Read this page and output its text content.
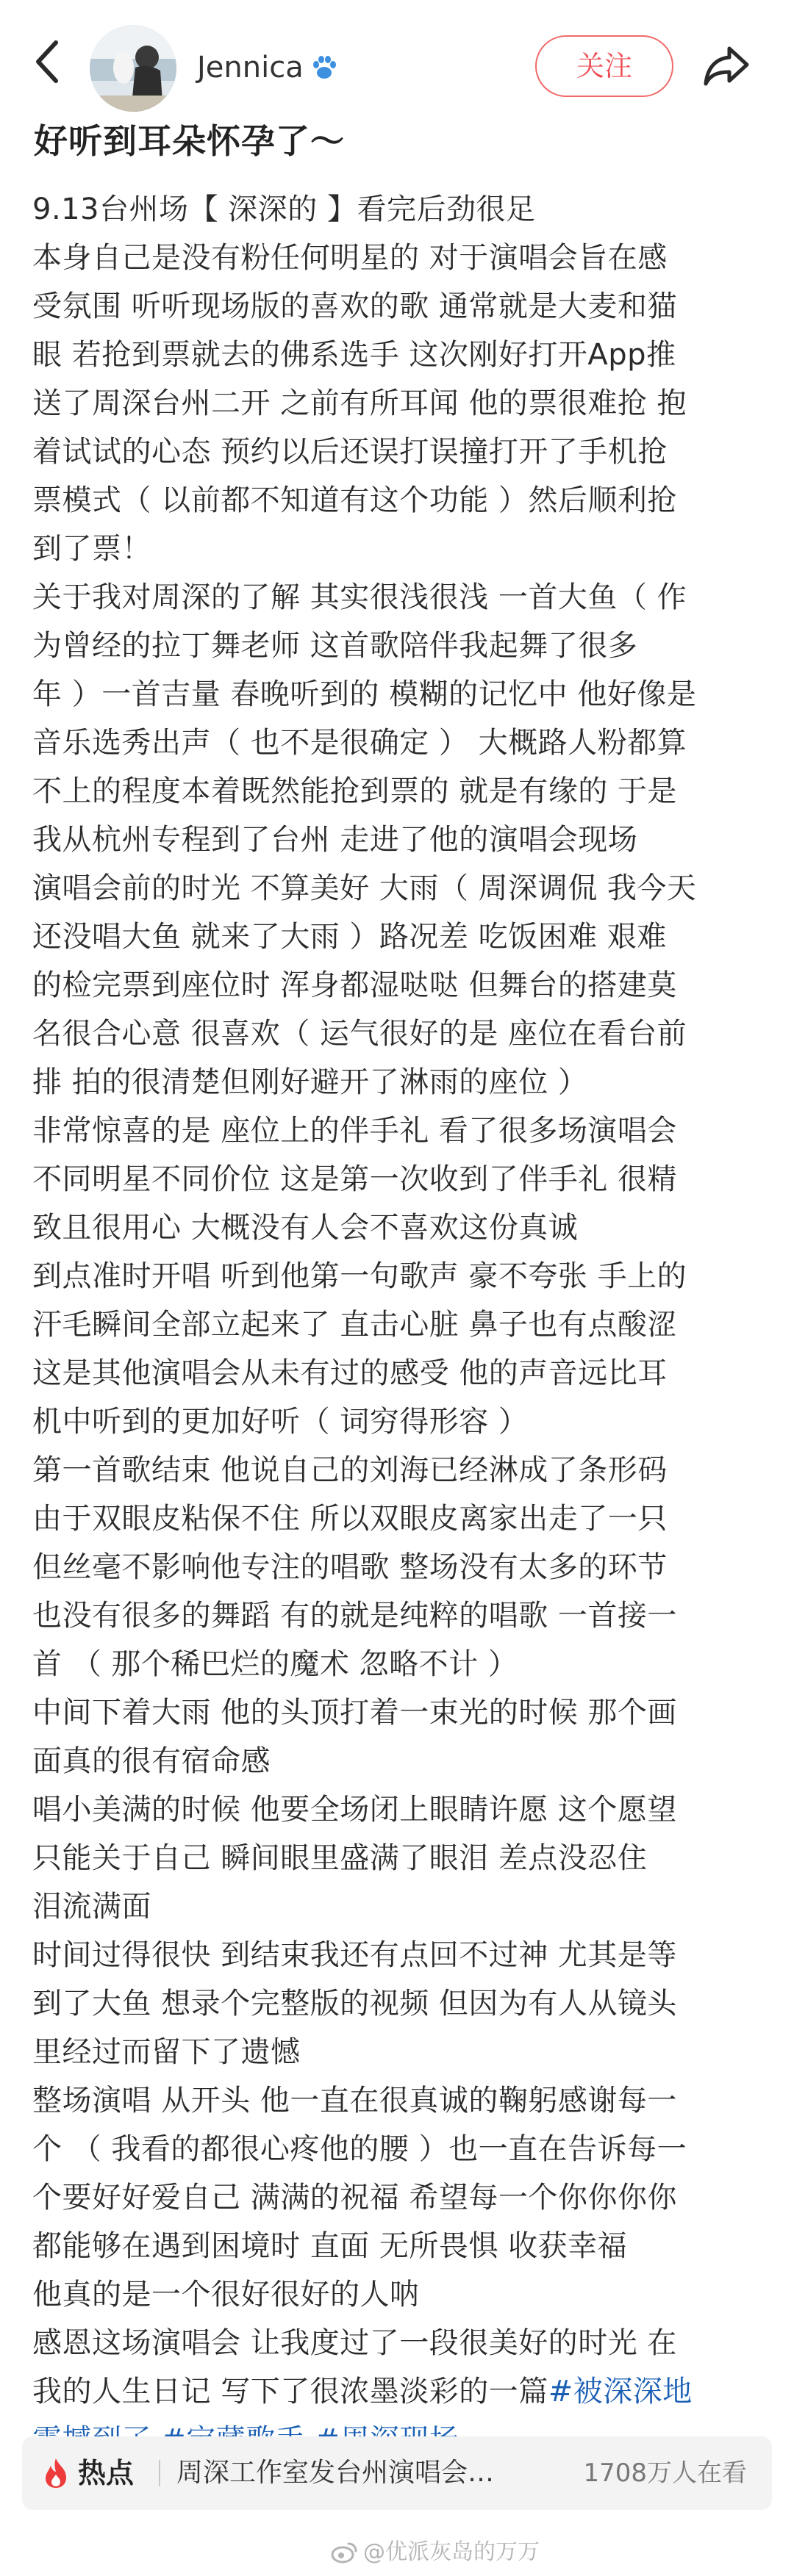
Jennica	关注
好听到耳朵怀孕了～
9.13台州场【 深深的 】看完后劲很足
本身自己是没有粉任何明星的 对于演唱会旨在感
受氛围 听听现场版的喜欢的歌 通常就是大麦和猫
眼 若抢到票就去的佛系选手 这次刚好打开App推
送了周深台州二开 之前有所耳闻 他的票很难抢 抱
着试试的心态 预约以后还误打误撞打开了手机抢
票模式（ 以前都不知道有这个功能 ）然后顺利抢
到了票！
关于我对周深的了解 其实很浅很浅 一首大鱼（ 作
为曾经的拉丁舞老师 这首歌陪伴我起舞了很多
年 ）一首吉量 春晚听到的 模糊的记忆中 他好像是
音乐选秀出声（ 也不是很确定 ） 大概路人粉都算
不上的程度本着既然能抢到票的 就是有缘的 于是
我从杭州专程到了台州 走进了他的演唱会现场
演唱会前的时光 不算美好 大雨（ 周深调侃 我今天
还没唱大鱼 就来了大雨 ）路况差 吃饭困难 艰难
的检完票到座位时 浑身都湿哒哒 但舞台的搭建莫
名很合心意 很喜欢（ 运气很好的是 座位在看台前
排 拍的很清楚但刚好避开了淋雨的座位 ）
非常惊喜的是 座位上的伴手礼 看了很多场演唱会
不同明星不同价位 这是第一次收到了伴手礼 很精
致且很用心 大概没有人会不喜欢这份真诚
到点准时开唱 听到他第一句歌声 豪不夸张 手上的
汗毛瞬间全部立起来了 直击心脏 鼻子也有点酸涩
这是其他演唱会从未有过的感受 他的声音远比耳
机中听到的更加好听（ 词穷得形容 ）
第一首歌结束 他说自己的刘海已经淋成了条形码
由于双眼皮粘保不住 所以双眼皮离家出走了一只
但丝毫不影响他专注的唱歌 整场没有太多的环节
也没有很多的舞蹈 有的就是纯粹的唱歌 一首接一
首 （ 那个稀巴烂的魔术 忽略不计 ）
中间下着大雨 他的头顶打着一束光的时候 那个画
面真的很有宿命感
唱小美满的时候 他要全场闭上眼睛许愿 这个愿望
只能关于自己 瞬间眼里盛满了眼泪 差点没忍住
泪流满面
时间过得很快 到结束我还有点回不过神 尤其是等
到了大鱼 想录个完整版的视频 但因为有人从镜头
里经过而留下了遗憾
整场演唱 从开头 他一直在很真诚的鞠躬感谢每一
个 （ 我看的都很心疼他的腰 ）也一直在告诉每一
个要好好爱自己 满满的祝福 希望每一个你你你你
都能够在遇到困境时 直面 无所畏惧 收获幸福
他真的是一个很好很好的人呐
感恩这场演唱会 让我度过了一段很美好的时光 在
我的人生日记 写下了很浓墨淡彩的一篇#被深深地
热点 周深工作室发台州演唱会…	1708万人在看
@优派灰岛的万万
